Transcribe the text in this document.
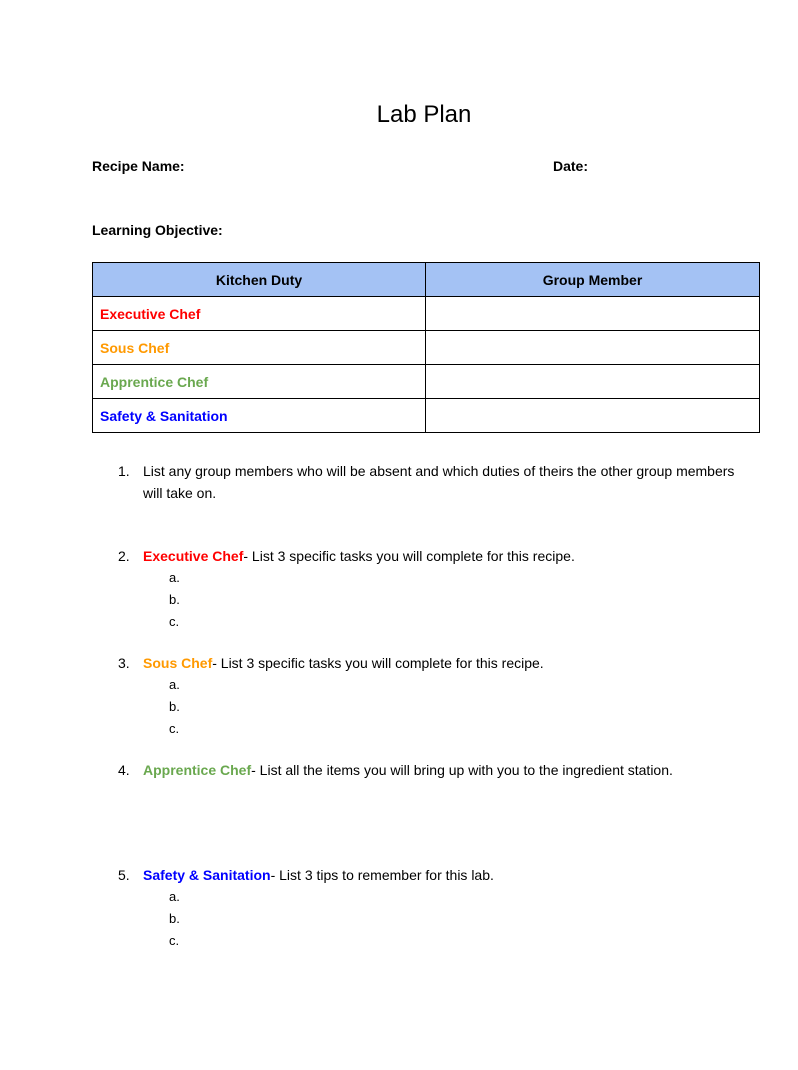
Lab Plan
Recipe Name:	Date:
Learning Objective:
Kitchen Duty	Group Member
Executive Chef	
Sous Chef	
Apprentice Chef	
Safety & Sanitation	
1. List any group members who will be absent and which duties of theirs the other group members will take on.
2. Executive Chef- List 3 specific tasks you will complete for this recipe.
a.
b.
c.
3. Sous Chef- List 3 specific tasks you will complete for this recipe.
a.
b.
c.
4. Apprentice Chef- List all the items you will bring up with you to the ingredient station.
5. Safety & Sanitation- List 3 tips to remember for this lab.
a.
b.
c.
